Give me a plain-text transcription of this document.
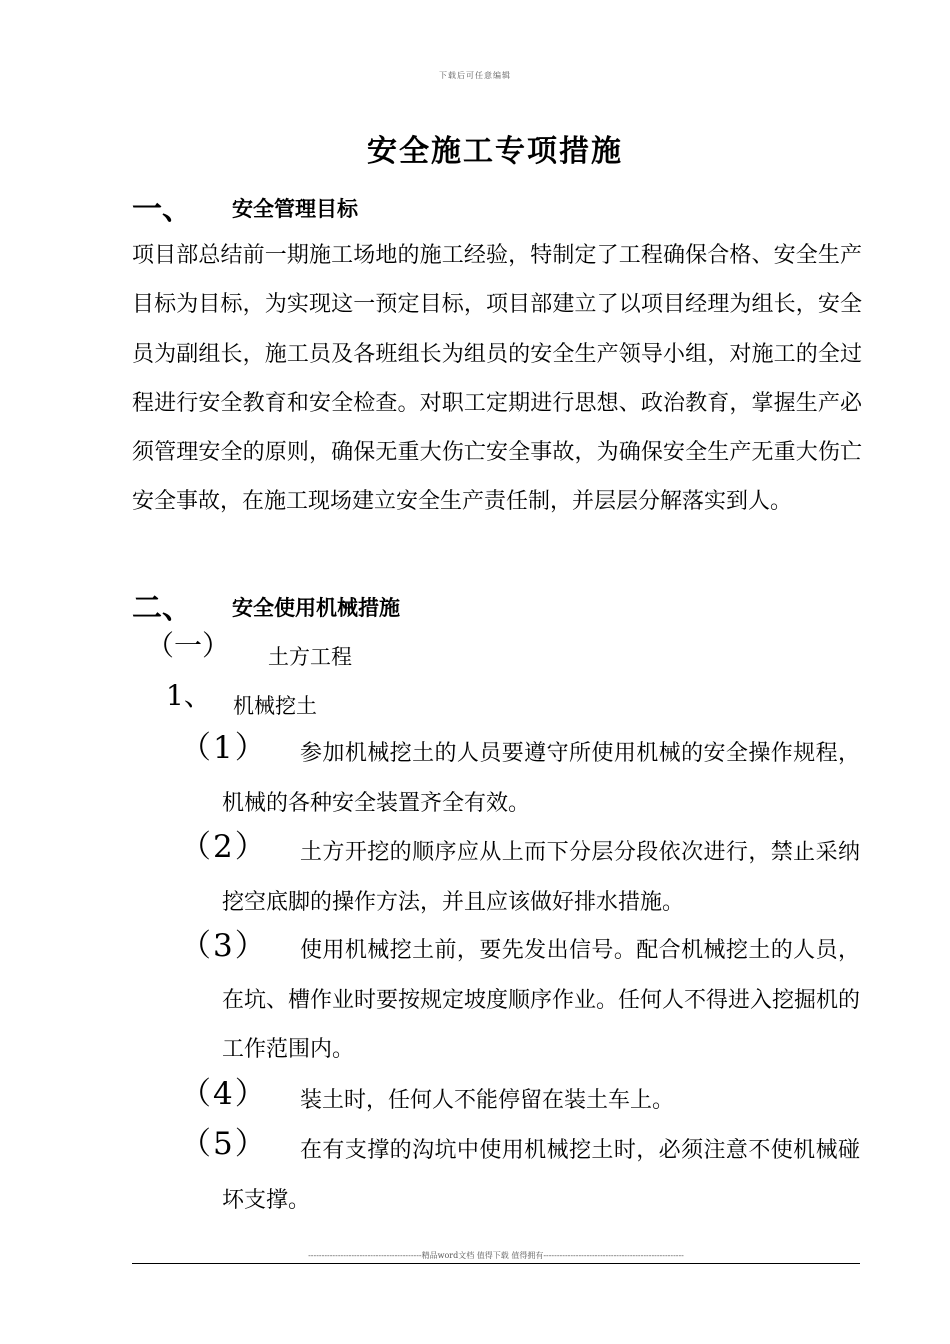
下载后可任意编辑
安全施工专项措施
一、 安全管理目标
项目部总结前一期施工场地的施工经验，特制定了工程确保合格、安全生产目标为目标，为实现这一预定目标，项目部建立了以项目经理为组长，安全员为副组长，施工员及各班组长为组员的安全生产领导小组，对施工的全过程进行安全教育和安全检查。对职工定期进行思想、政治教育，掌握生产必须管理安全的原则，确保无重大伤亡安全事故，为确保安全生产无重大伤亡安全事故，在施工现场建立安全生产责任制，并层层分解落实到人。
二、 安全使用机械措施
（一） 土方工程
1、 机械挖土
（1）	参加机械挖土的人员要遵守所使用机械的安全操作规程，机械的各种安全装置齐全有效。
（2）	土方开挖的顺序应从上而下分层分段依次进行，禁止采纳挖空底脚的操作方法，并且应该做好排水措施。
（3）	使用机械挖土前，要先发出信号。配合机械挖土的人员，在坑、槽作业时要按规定坡度顺序作业。任何人不得进入挖掘机的工作范围内。
（4）	装土时，任何人不能停留在装土车上。
（5）	在有支撑的沟坑中使用机械挖土时，必须注意不使机械碰坏支撑。
------------------------------------------精品word文档 值得下载 值得拥有----------------------------------------------------
